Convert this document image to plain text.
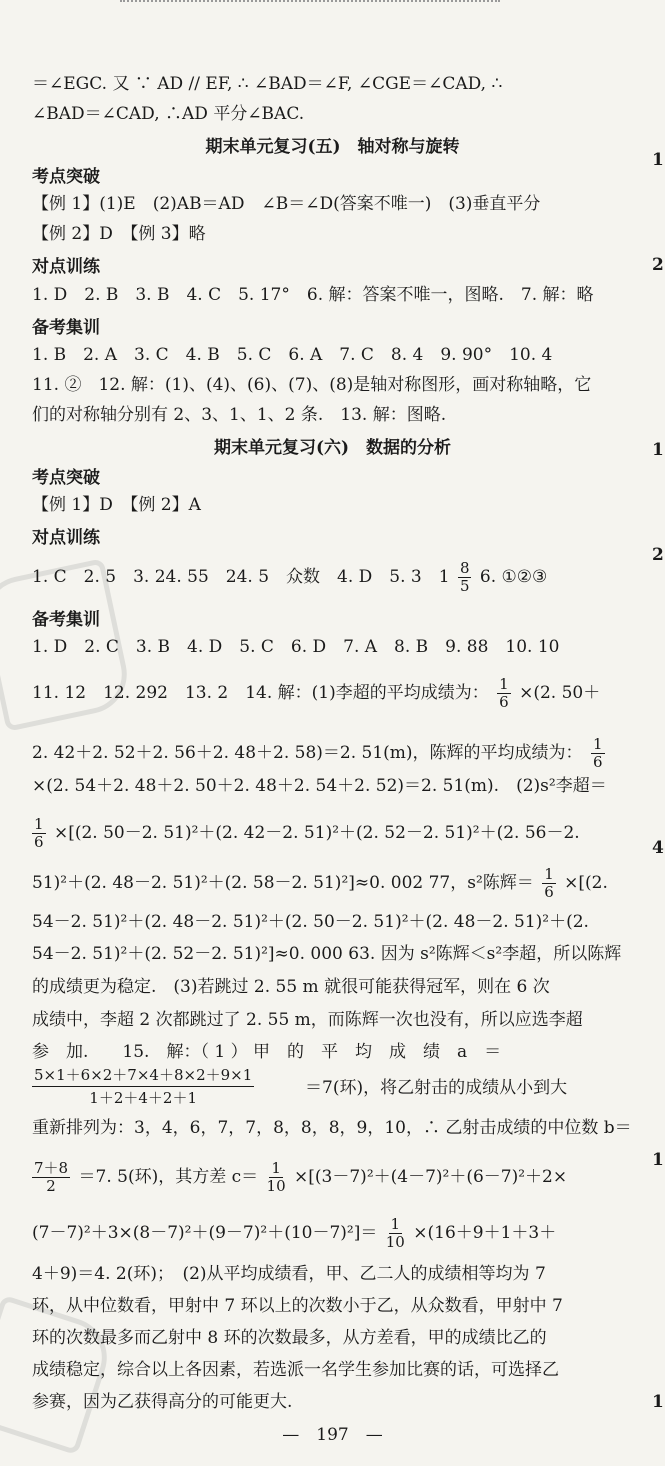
＝∠EGC. 又 ∵ AD // EF, ∴ ∠BAD＝∠F, ∠CGE＝∠CAD, ∴
∠BAD＝∠CAD, ∴AD 平分∠BAC.
期末单元复习(五)　轴对称与旋转
考点突破
【例 1】(1)E　(2)AB＝AD　∠B＝∠D(答案不唯一)　(3)垂直平分
【例 2】D　【例 3】略
对点训练
1. D　2. B　3. B　4. C　5. 17°　6. 解：答案不唯一，图略.　7. 解：略
备考集训
1. B　2. A　3. C　4. B　5. C　6. A　7. C　8. 4　9. 90°　10. 4
11. ②　12. 解：(1)、(4)、(6)、(7)、(8)是轴对称图形，画对称轴略，它
们的对称轴分别有 2、3、1、1、2 条.　13. 解：图略.
期末单元复习(六)　数据的分析
考点突破
【例 1】D　【例 2】A
对点训练
1. C　2. 5　3. 24. 55　24. 5　众数　4. D　5. 3　$1 \frac{8}{5} 6$. ①②③
备考集训
1. D　2. C　3. B　4. D　5. C　6. D　7. A　8. B　9. 88　10. 10
11. 12　12. 292　13. 2　14. 解：(1)李超的平均成绩为： $\frac{1}{6} \times(2$. 50＋
2. 42＋2. 52＋2. 56＋2. 48＋2. 58)＝2. 51(m)，陈辉的平均成绩为： $\frac{1}{6}$
×(2. 54＋2. 48＋2. 50＋2. 48＋2. 54＋2. 52)＝2. 51(m).　(2)s²李超＝
$\frac{1}{6} \times[(2$. 50－2. 51)²＋(2. 42－2. 51)²＋(2. 52－2. 51)²＋(2. 56－2.
51)²＋(2. 48－2. 51)²＋(2. 58－2. 51)²]≈0. 002 77，s²陈辉＝ $\frac{1}{6} \times[(2$.
54－2. 51)²＋(2. 48－2. 51)²＋(2. 50－2. 51)²＋(2. 48－2. 51)²＋(2.
54－2. 51)²＋(2. 52－2. 51)²]≈0. 000 63. 因为 s²陈辉＜s²李超，所以陈辉
的成绩更为稳定.　(3)若跳过 2. 55 m 就很可能获得冠军，则在 6 次
成绩中，李超 2 次都跳过了 2. 55 m，而陈辉一次也没有，所以应选李超
参　加.　　15.　解：（ 1 ） 甲　的　平　均　成　绩　a　＝
$\frac{5\times 1+6\times 2+7\times 4+8\times 2+9\times 1}{1+2+4+2+1}$	＝7(环)，将乙射击的成绩从小到大
重新排列为：3，4，6，7，7，8，8，8，9，10，∴ 乙射击成绩的中位数 b＝
$\frac{7+8}{2} =7$. 5(环)，其方差 $c= \frac{1}{10} \times[(3-7)^2+(4-7)^2+(6-7)^2+2\times$
$(7-7)^2+3\times(8-7)^2+(9-7)^2+(10-7)^2]= \frac{1}{10} \times(16+9+1+3+$
4＋9)＝4. 2(环)；　(2)从平均成绩看，甲、乙二人的成绩相等均为 7
环，从中位数看，甲射中 7 环以上的次数小于乙，从众数看，甲射中 7
环的次数最多而乙射中 8 环的次数最多，从方差看，甲的成绩比乙的
成绩稳定，综合以上各因素，若选派一名学生参加比赛的话，可选择乙
参赛，因为乙获得高分的可能更大.
—　197　—
1
2
1
2
4
1
1
